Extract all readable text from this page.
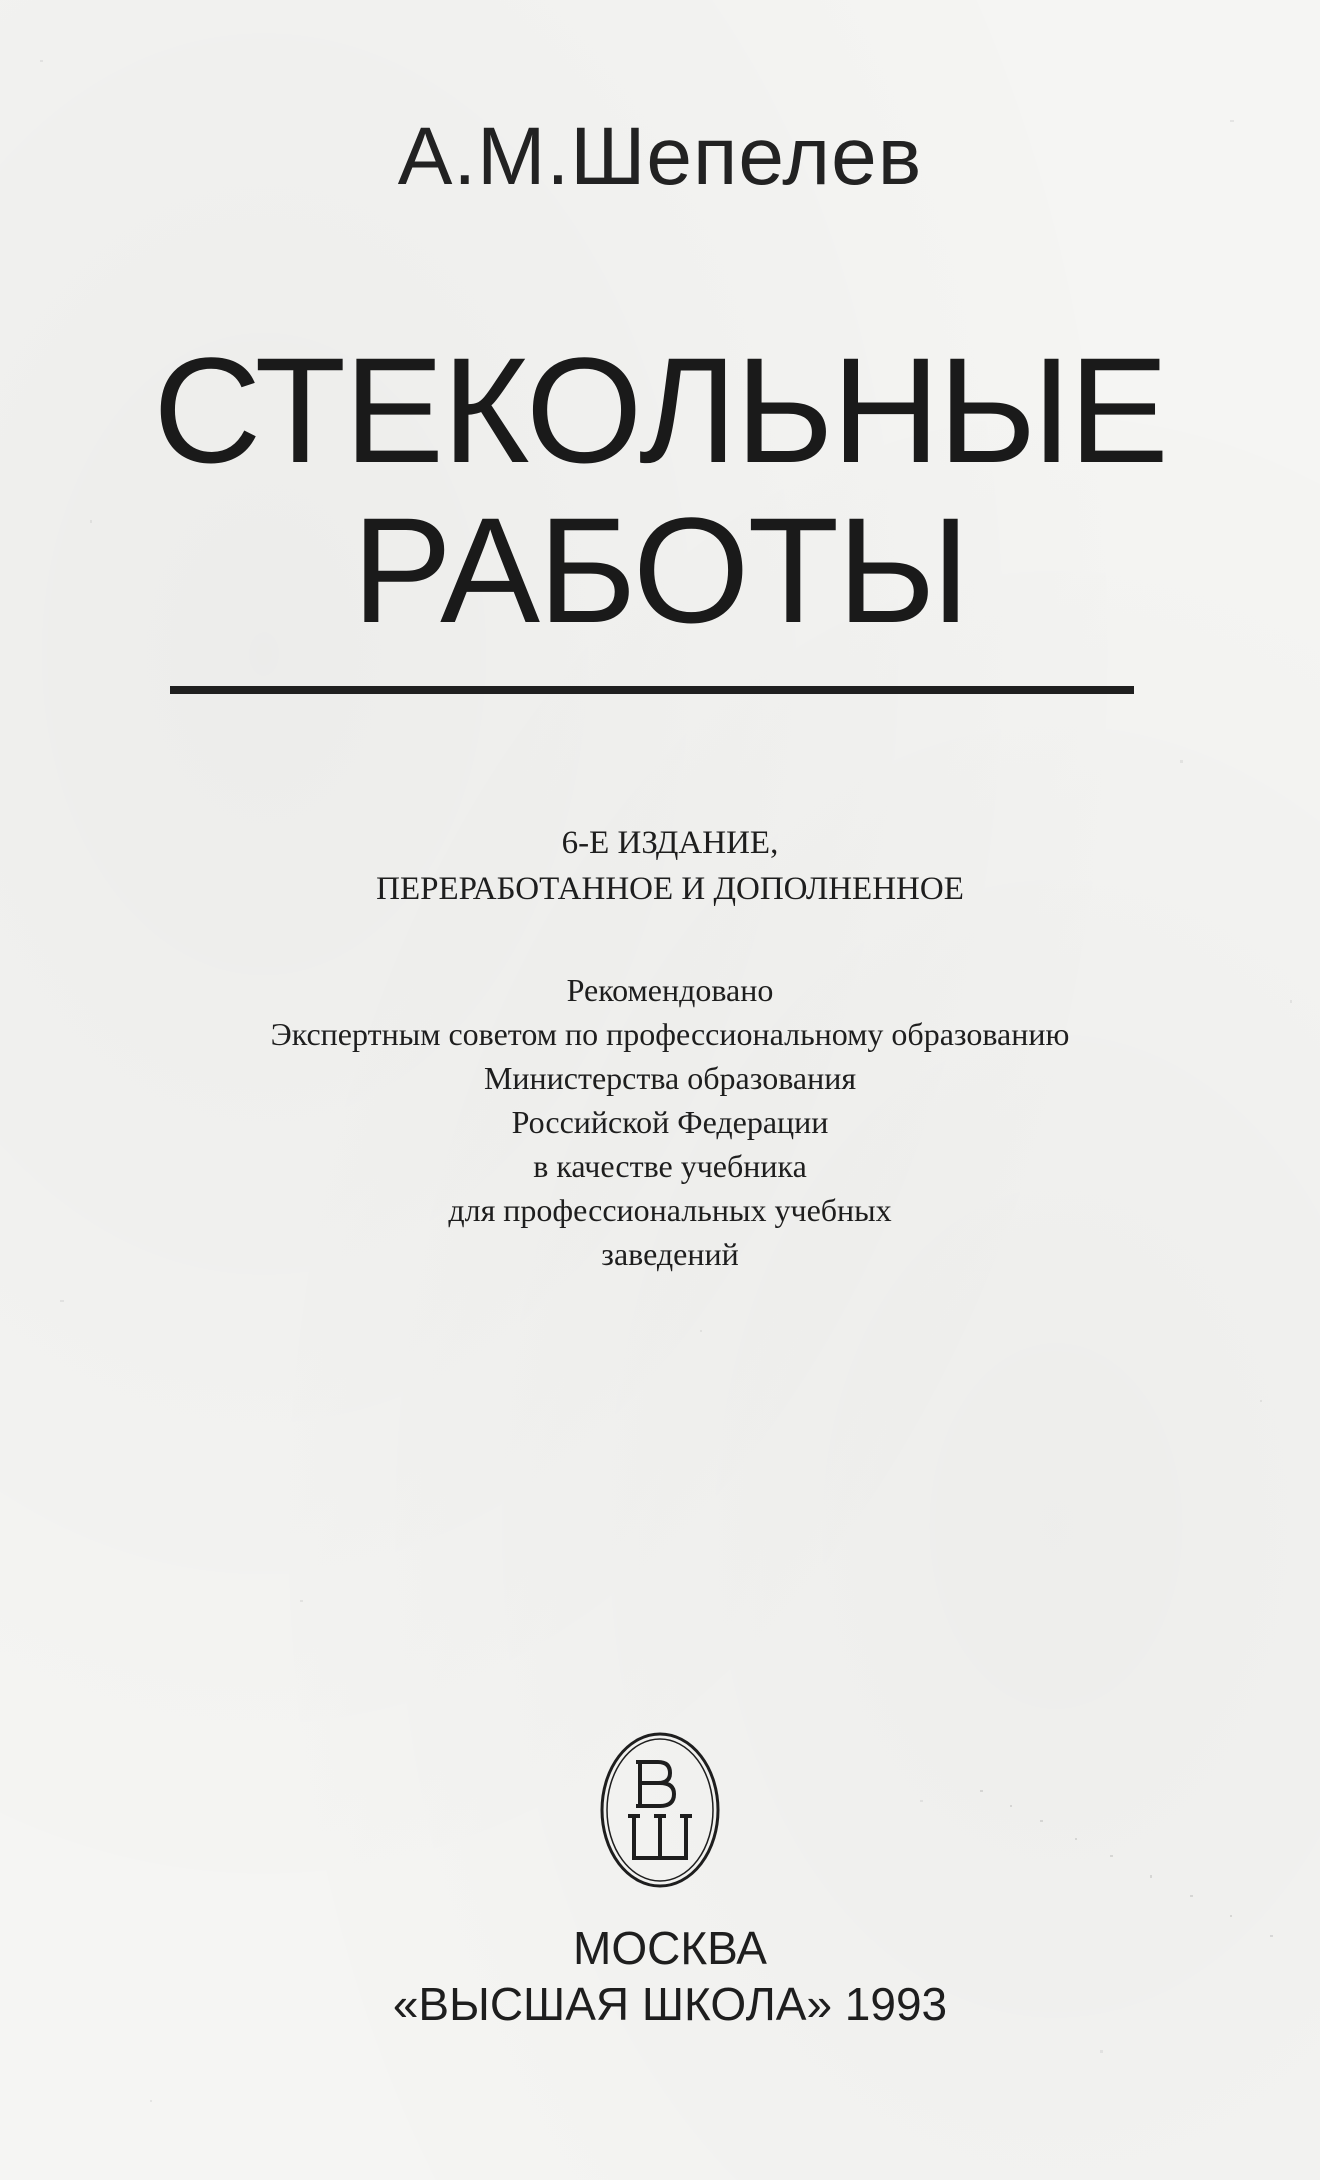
А.М.Шепелев
СТЕКОЛЬНЫЕ
РАБОТЫ
6-Е ИЗДАНИЕ,
ПЕРЕРАБОТАННОЕ И ДОПОЛНЕННОЕ
Рекомендовано
Экспертным советом по профессиональному образованию
Министерства образования
Российской Федерации
в качестве учебника
для профессиональных учебных
заведений
МОСКВА
«ВЫСШАЯ ШКОЛА» 1993
